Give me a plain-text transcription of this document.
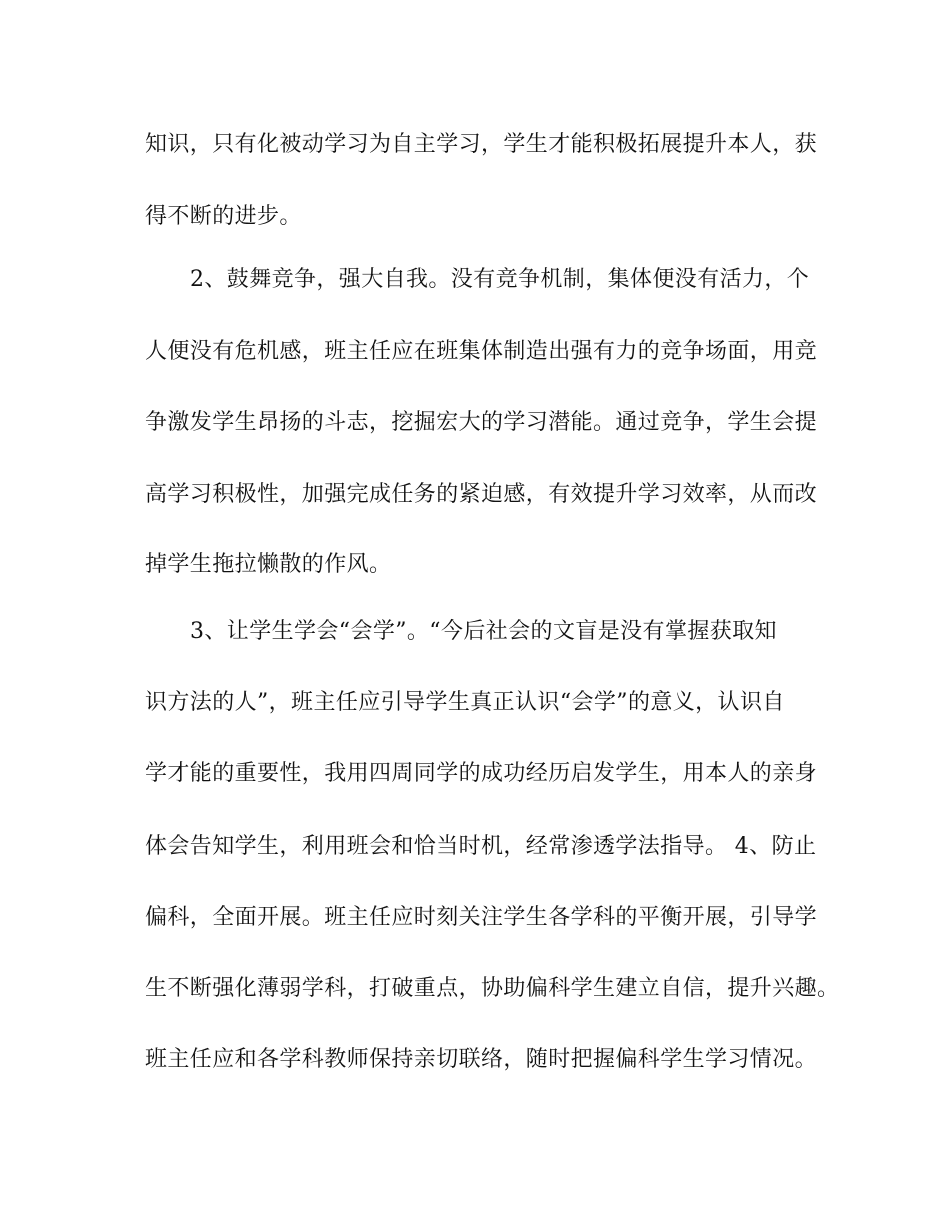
知识，只有化被动学习为自主学习，学生才能积极拓展提升本人，获
得不断的进步。
2、鼓舞竞争，强大自我。没有竞争机制，集体便没有活力，个
人便没有危机感，班主任应在班集体制造出强有力的竞争场面，用竞
争激发学生昂扬的斗志，挖掘宏大的学习潜能。通过竞争，学生会提
高学习积极性，加强完成任务的紧迫感，有效提升学习效率，从而改
掉学生拖拉懒散的作风。
3、让学生学会“会学”。“今后社会的文盲是没有掌握获取知
识方法的人”，班主任应引导学生真正认识“会学”的意义，认识自
学才能的重要性，我用四周同学的成功经历启发学生，用本人的亲身
体会告知学生，利用班会和恰当时机，经常渗透学法指导。 4、防止
偏科，全面开展。班主任应时刻关注学生各学科的平衡开展，引导学
生不断强化薄弱学科，打破重点，协助偏科学生建立自信，提升兴趣。
班主任应和各学科教师保持亲切联络，随时把握偏科学生学习情况。
